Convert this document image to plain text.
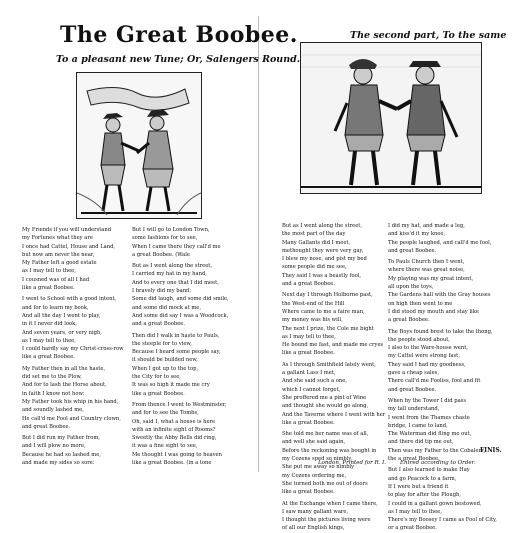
The Great Boobee.
To a pleasant new Tune; Or, Salengers Round.
The second part, To the same
My Friends if you will understand
my Fortunes what they are
I once had Cattel, House and Land,
but now am never the near,
My Father left a good estate
as I may tell to thee,
I cousned was of all I had
like a great Boobee.

I went to School with a good intent,
and for to learn my book,
And all the day I went to play,
in it I never did look,
And seven years, or very nigh,
as I may tell to thee,
I could hardly say my Christ-cross-row
like a great Boobee.

My Father then in all the haste,
did set me to the Plow,
And for to lash the Horse about,
in faith I know not how:
My Father took his whip in his hand,
and soundly lashed me,
He call'd me Fool and Country clown,
and great Boobee.

But I did run my Father from,
and I will plow no more,
Because he had so lashed me,
and made my sides so sore:
But I will go to London Town,
some fashions for to see,
When I came there they call'd me
a great Boobee. (Wale

But as I went along the street,
I carried my hat in my hand,
And to every one that I did meet,
I bravely did my band:
Some did laugh, and some did smile,
and some did mock at me,
And some did say I was a Woodcock,
and a great Boobee.

Then did I walk in haste to Pauls,
the steeple for to view,
Because I heard some people say,
it should be builded new,
When I got up to the top,
the City for to see,
It was so high it made me cry
like a great Boobee.

From thence I went to Westminster,
and for to see the Tombs,
Oh, said I, what a house is here
with an infinite sight of Rooms?
Sweetly the Abby Bells did ring,
it was a fine sight to see,
Me thought I was going to heaven
like a great Boobee. (in a tone
But as I went along the street,
the most part of the day
Many Gallants did I meet,
methought they were very gay,
I blew my nose, and pist my bed
some people did me see,
They said I was a beastly fool,
and a great Boobee.

Next day I through Holborne past,
the West-end of the Hill
Where came to me a faire man,
my money was his will,
The next I prize, the Cole me bight
as I may tell to thee,
He bound me fast, and made me cryes
like a great Boobee.

As I through Smithfield lately went,
a gallant Lass I met,
And she said such a one,
which I cannot forget,
She proffered me a pint of Wine
and thought she would go along,
And the Taverne where I went with her
like a great Boobee.

She told me her name was of all,
and well she said again,
Before the reckoning was bought in
my Cozens sped so nimbly,
She put me away so nimbly
my Cozens ordering me,
She turned both me out of doors
like a great Boobee.

At the Exchange when I came there,
I saw many gallant ware,
I thought the pictures living were
of all our English kings,
I did my hat, and made a leg,
and kiss'd it my knee,
The people laughed, and call'd me fool,
and great Boobee.

To Pauls Church then I went,
where there was great noise,
My playing was my great intent,
all upon the toys,
The Gardens hall with the Gray houses
on high then went to me
I did stood my mouth and stay like
a great Boobee.

The Boys found brest to take the thong,
the people stood about,
I also to the Ware-house went,
my Cattel were strong fast,
They said I had my goodness,
gave a cheap sales,
There call'd me Fooliss, fool and fit
and great Boobee.

When by the Tower I did pass
my tall understand,
I went from the Thames chaste
bridge, I came to land,
The Waterman did fling me out,
and there did tip me out,
Then was my Father to the Cobalers,
the a great Boobee.

But I also learned to make Hay
and go Peacock to a farm,
If I were but a friend it
to play for after the Plough,
I could in a gallant gown bestowed,
as I may tell to thee,
There's my Boosey I came as Fool of City,
or a great Boobee.
FINIS.
London, Printed for R. I.	Entred according to Order.
